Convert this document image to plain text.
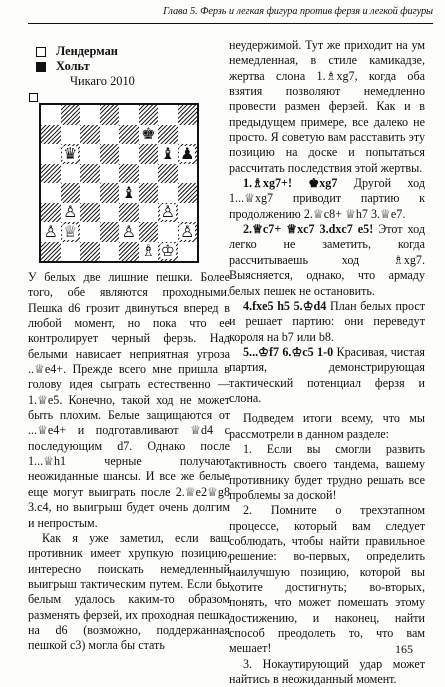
Глава 5. Ферзь и легкая фигура против ферзя и легкой фигуры
Лендерман
Хольт
Чикаго 2010
♚
♛	♝ ♟
♝
♙	♙
♙ ♕	♙	♙
♗ ♔

У белых две лишние пешки. Более того, обе являются проходными. Пешка d6 грозит двинуться вперед в любой момент, но пока что ее контролирует черный ферзь. Над белыми нависает неприятная угроза ..♕e4+. Прежде всего мне пришла в голову идея сыграть естественно — 1.♕e5. Конечно, такой ход не может быть плохим. Белые защищаются от ...♕e4+ и подготавливают ♕d4 с последующим d7. Однако после 1...♕h1 черные получают неожиданные шансы. И все же белые еще могут выиграть после 2.♕e2♕g8 3.c4, но выигрыш будет очень долгим и непростым.

Как я уже заметил, если ваш противник имеет хрупкую позицию, интересно поискать немедленный выигрыш тактическим путем. Если бы белым удалось каким-то образом разменять ферзей, их проходная пешка на d6 (возможно, поддержанная пешкой c3) могла бы стать

неудержимой. Тут же приходит на ум немедленная, в стиле камикадзе, жертва слона 1.♗xg7, когда оба взятия позволяют немедленно провести размен ферзей. Как и в предыдущем примере, все далеко не просто. Я советую вам расставить эту позицию на доске и попытаться рассчитать последствия этой жертвы.

1.♗xg7+! ♚xg7 Другой ход 1...♕xg7 приводит партию к продолжению 2.♕c8+ ♕h7 3.♕e7.

2.♕c7+ ♕xc7 3.dxc7 e5! Этот ход легко не заметить, когда рассчитываешь ход ♗xg7. Выясняется, однако, что армаду белых пешек не остановить.

4.fxe5 h5 5.♔d4 План белых прост и решает партию: они переведут короля на b7 или b8.

5...♔f7 6.♔c5 1-0 Красивая, чистая партия, демонстрирующая тактический потенциал ферзя и слона.

Подведем итоги всему, что мы рассмотрели в данном разделе:

1. Если вы смогли развить активность своего тандема, вашему противнику будет трудно решать все проблемы за доской!

2. Помните о трехэтапном процессе, который вам следует соблюдать, чтобы найти правильное решение: во-первых, определить наилучшую позицию, которой вы хотите достигнуть; во-вторых, понять, что может помешать этому достижению, и наконец, найти способ преодолеть то, что вам мешает!

3. Нокаутирующий удар может найтись в неожиданный момент.

165
